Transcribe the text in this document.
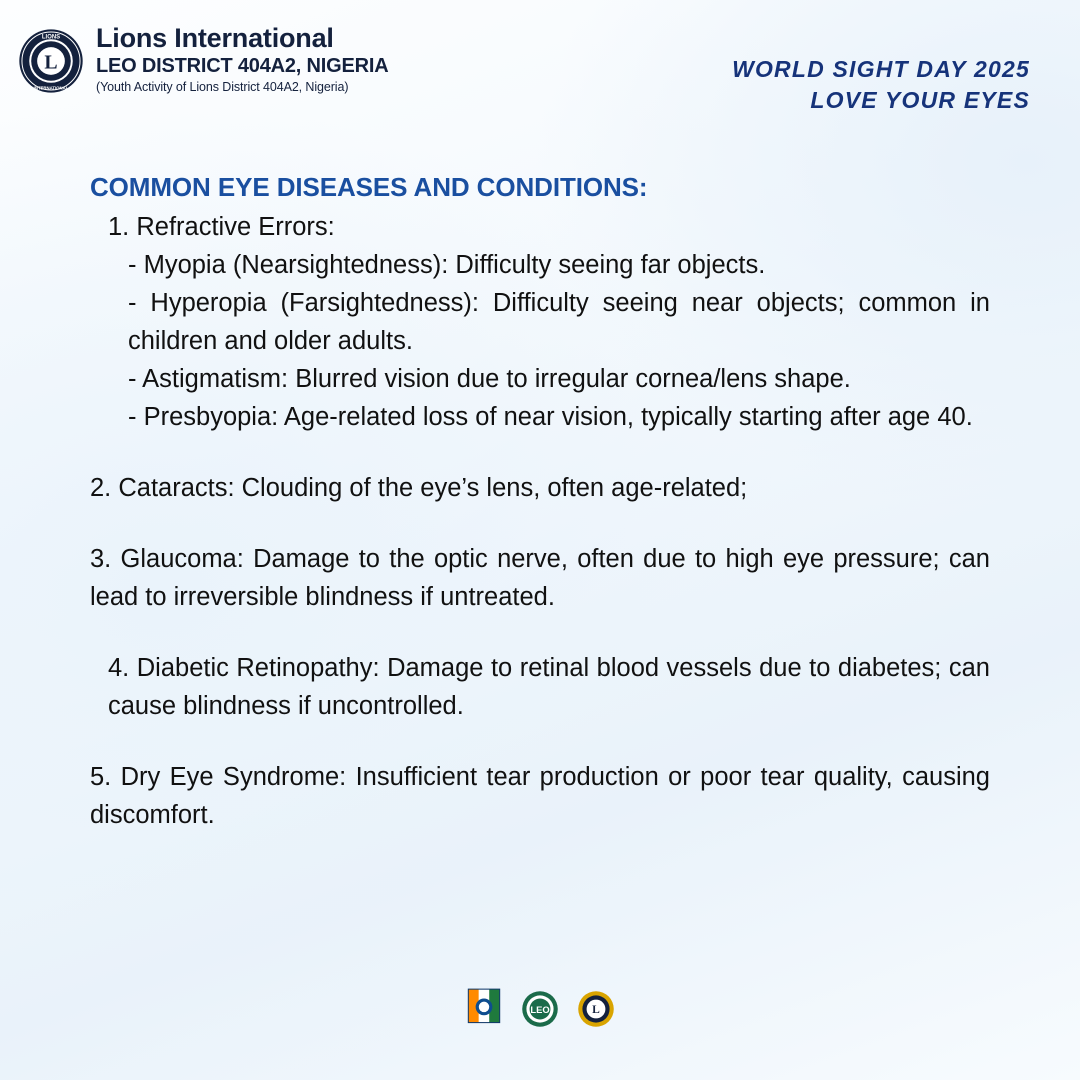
L
LIONS
INTERNATIONAL
Lions International
LEO DISTRICT 404A2, NIGERIA
(Youth Activity of Lions District 404A2, Nigeria)
WORLD SIGHT DAY 2025
LOVE YOUR EYES
COMMON EYE DISEASES AND CONDITIONS:

1. Refractive Errors:

- Myopia (Nearsightedness): Difficulty seeing far objects.

- Hyperopia (Farsightedness): Difficulty seeing near objects; common in children and older adults.

- Astigmatism: Blurred vision due to irregular cornea/lens shape.

- Presbyopia: Age-related loss of near vision, typically starting after age 40.

2. Cataracts: Clouding of the eye’s lens, often age-related;

3. Glaucoma: Damage to the optic nerve, often due to high eye pressure; can lead to irreversible blindness if untreated.

4. Diabetic Retinopathy: Damage to retinal blood vessels due to diabetes; can cause blindness if uncontrolled.

5. Dry Eye Syndrome: Insufficient tear production or poor tear quality, causing discomfort.

LEO	L
